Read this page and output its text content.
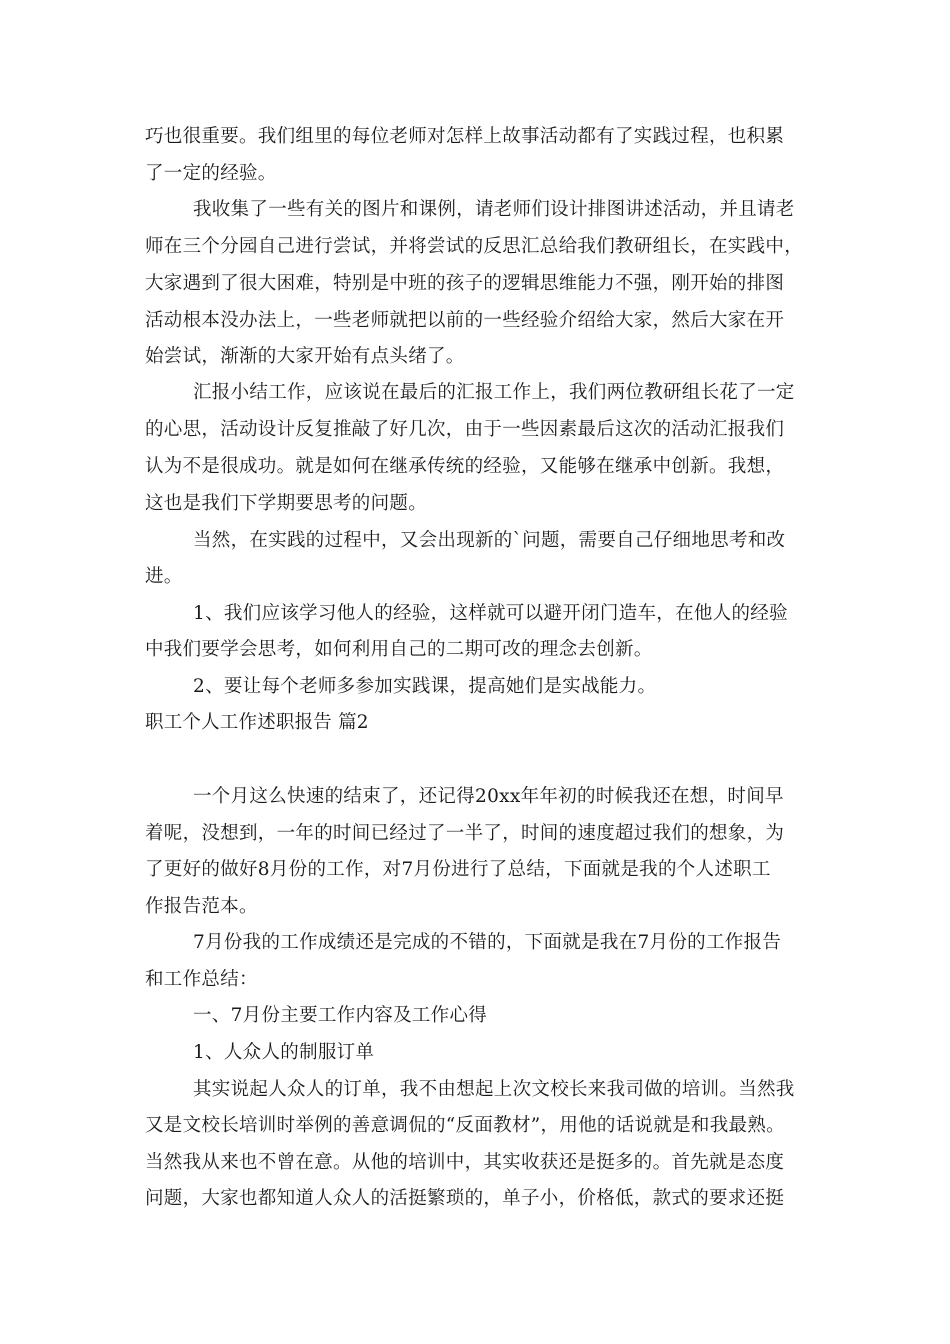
巧也很重要。我们组里的每位老师对怎样上故事活动都有了实践过程，也积累
了一定的经验。
我收集了一些有关的图片和课例，请老师们设计排图讲述活动，并且请老
师在三个分园自己进行尝试，并将尝试的反思汇总给我们教研组长，在实践中，
大家遇到了很大困难，特别是中班的孩子的逻辑思维能力不强，刚开始的排图
活动根本没办法上，一些老师就把以前的一些经验介绍给大家，然后大家在开
始尝试，渐渐的大家开始有点头绪了。
汇报小结工作，应该说在最后的汇报工作上，我们两位教研组长花了一定
的心思，活动设计反复推敲了好几次，由于一些因素最后这次的活动汇报我们
认为不是很成功。就是如何在继承传统的经验，又能够在继承中创新。我想，
这也是我们下学期要思考的问题。
当然，在实践的过程中，又会出现新的`问题，需要自己仔细地思考和改
进。
1、我们应该学习他人的经验，这样就可以避开闭门造车，在他人的经验
中我们要学会思考，如何利用自己的二期可改的理念去创新。
2、要让每个老师多参加实践课，提高她们是实战能力。
职工个人工作述职报告 篇2
一个月这么快速的结束了，还记得20xx年年初的时候我还在想，时间早
着呢，没想到，一年的时间已经过了一半了，时间的速度超过我们的想象，为
了更好的做好8月份的工作，对7月份进行了总结，下面就是我的个人述职工
作报告范本。
7月份我的工作成绩还是完成的不错的，下面就是我在7月份的工作报告
和工作总结：
一、7月份主要工作内容及工作心得
1、人众人的制服订单
其实说起人众人的订单，我不由想起上次文校长来我司做的培训。当然我
又是文校长培训时举例的善意调侃的“反面教材”，用他的话说就是和我最熟。
当然我从来也不曾在意。从他的培训中，其实收获还是挺多的。首先就是态度
问题，大家也都知道人众人的活挺繁琐的，单子小，价格低，款式的要求还挺
